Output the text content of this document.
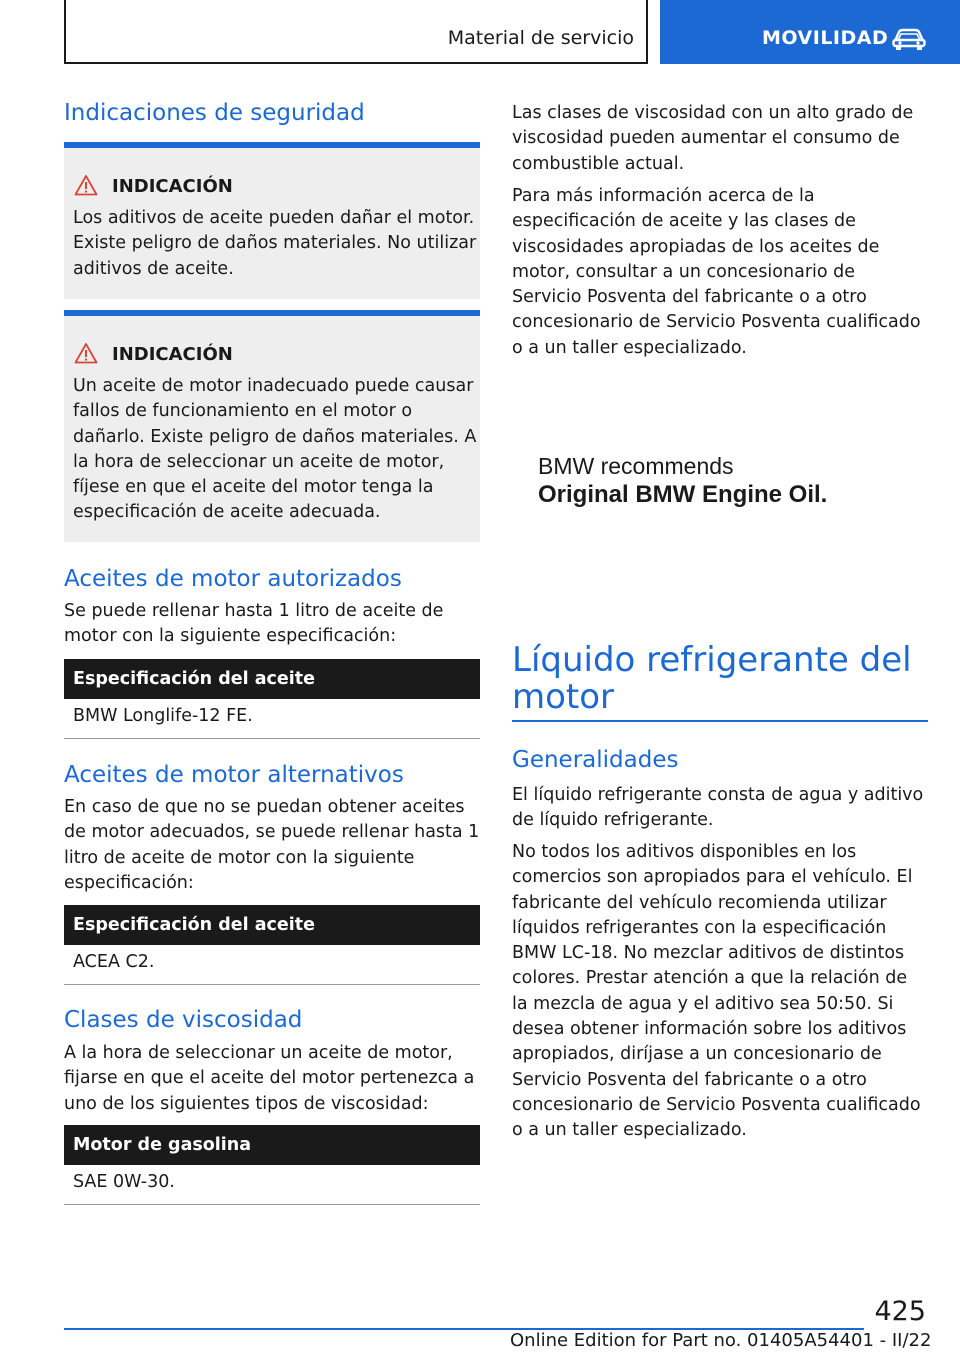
Material de servicio	MOVILIDAD
Indicaciones de seguridad
INDICACIÓN

Los aditivos de aceite pueden dañar el motor. Existe peligro de daños materiales. No utilizar aditivos de aceite.

INDICACIÓN

Un aceite de motor inadecuado puede causar fallos de funcionamiento en el motor o dañarlo. Existe peligro de daños materiales. A la hora de seleccionar un aceite de motor, fíjese en que el aceite del motor tenga la especificación de aceite adecuada.

Aceites de motor autorizados

Se puede rellenar hasta 1 litro de aceite de motor con la siguiente especificación:

Especificación del aceite
BMW Longlife-12 FE.
Aceites de motor alternativos

En caso de que no se puedan obtener aceites de motor adecuados, se puede rellenar hasta 1 litro de aceite de motor con la siguiente especificación:

Especificación del aceite
ACEA C2.
Clases de viscosidad

A la hora de seleccionar un aceite de motor, fijarse en que el aceite del motor pertenezca a uno de los siguientes tipos de viscosidad:

Motor de gasolina
SAE 0W-30.

Las clases de viscosidad con un alto grado de viscosidad pueden aumentar el consumo de combustible actual.

Para más información acerca de la especificación de aceite y las clases de viscosidades apropiadas de los aceites de motor, consultar a un concesionario de Servicio Posventa del fabricante o a otro concesionario de Servicio Posventa cualificado o a un taller especializado.

BMW recommends
Original BMW Engine Oil.
Líquido refrigerante del motor
Generalidades

El líquido refrigerante consta de agua y aditivo de líquido refrigerante.

No todos los aditivos disponibles en los comercios son apropiados para el vehículo. El fabricante del vehículo recomienda utilizar líquidos refrigerantes con la especificación BMW LC-18. No mezclar aditivos de distintos colores. Prestar atención a que la relación de la mezcla de agua y el aditivo sea 50:50. Si desea obtener información sobre los aditivos apropiados, diríjase a un concesionario de Servicio Posventa del fabricante o a otro concesionario de Servicio Posventa cualificado o a un taller especializado.

425
Online Edition for Part no. 01405A54401 - II/22
